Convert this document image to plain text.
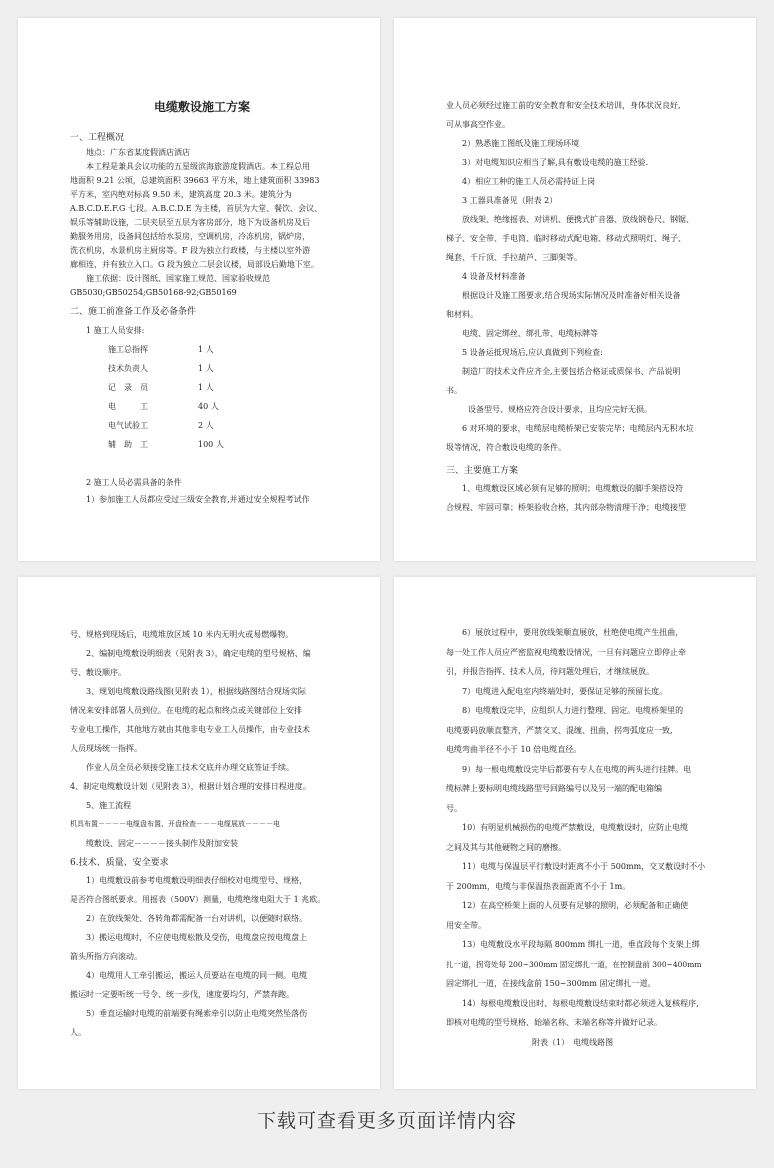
电缆敷设施工方案
一、工程概况
地点：广东省某度假酒店酒店
本工程是兼具会议功能的五星级滨海旅游度假酒店。本工程总用
地面积 9.21 公顷，总建筑面积 39663 平方米，地上建筑面积 33983
平方米，室内绝对标高 9.50 米，建筑高度 20.3 米。建筑分为
A.B.C.D.E.F.G 七段。A.B.C.D.E 为主楼，首层为大堂、餐饮、会议、
娱乐等辅助设施，二层夹层至五层为客房部分，地下为设备机房及后
勤服务用房，设备间包括给水泵房，空调机房，冷冻机房，锅炉房，
洗衣机房，水景机房主厨房等。F 段为独立行政楼，与主楼以室外游
廊相连，并有独立入口。G 段为独立二层会议楼，局部设后勤地下室。
施工依据：设计图纸、国家施工规范、国家验收规范
GB5030;GB50254;GB50168-92;GB50169
二、施工前准备工作及必备条件
1 施工人员安排:
施工总指挥	1 人
技术负责人	1 人
记　录　员	1 人
电　　　工	40 人
电气试验工	2 人
辅　助　工	100 人
2 施工人员必需具备的条件
1）参加施工人员都应受过三级安全教育,并通过安全规程考试作
业人员必须经过施工前的安全教育和安全技术培训，身体状况良好,
可从事高空作业。
2）熟悉施工图纸及施工现场环境
3）对电缆知识应相当了解,具有敷设电缆的施工经验.
4）相应工种的施工人员必需持证上岗
3 工器具准备见（附表 2）
放线架、绝缘摇表、对讲机、便携式扩音器、放线钢卷尺、钢锯、
梯子、安全带、手电筒、临时移动式配电箱、移动式照明灯、绳子、
绳套、千斤顶、手拉葫芦、三脚架等。
4 设备及材料准备
根据设计及施工图要求,结合现场实际情况及时准备好相关设备
和材料。
电缆、固定绑丝、绑扎带、电缆标牌等
5 设备运抵现场后,应认真做到下列检查:
制造厂的技术文件应齐全,主要包括合格证或质保书、产品说明
书。
设备型号、规格应符合设计要求，且均应完好无损。
6 对环境的要求，电缆层电缆桥架已安装完毕；电缆层内无积水垃
圾等情况，符合敷设电缆的条件。
三、主要施工方案
1、电缆敷设区域必须有足够的照明；电缆敷设的脚手架搭设符
合规程、牢固可靠；桥架验收合格，其内部杂物清理干净；电缆接型
号、规格到现场后，电缆堆放区域 10 米内无明火或易燃爆物。
2、编制电缆敷设明细表（见附表 3），确定电缆的型号规格、编
号、敷设顺序。
3、规划电缆敷设路线图(见附表 1），根据线路图结合现场实际
情况来安排部署人员到位。在电缆的起点和终点或关键部位上安排
专业电工操作，其他地方就由其他非电专业工人员操作，由专业技术
人员现场统一指挥。
作业人员全员必须接受施工技术交底并办理交底签证手续。
4、制定电缆敷设计划（见附表 3），根据计划合理的安排日程进度。
5、施工流程
机具布置－－－－电缆盘布置、开盘检查－－－电缆展放－－－－电
缆敷设、固定－－－－接头制作及附加安装
6.技术、质量、安全要求
1）电缆敷设前参考电缆敷设明细表仔细校对电缆型号、规格，
是否符合图纸要求。用摇表（500V）测量，电缆绝缘电阻大于 1 兆欧。
2）在放线架处、各转角都需配备一台对讲机，以便随时联络。
3）搬运电缆时，不应使电缆松散及受伤，电缆盘应按电缆盘上
箭头所指方向滚动。
4）电缆用人工牵引搬运，搬运人员要站在电缆的同一侧。电缆
搬运时一定要听统一号令、统一步伐，速度要均匀，严禁奔跑。
5）垂直运输时电缆的前端要有绳索牵引以防止电缆突然坠落伤
人。
6）展放过程中，要用放线架顺直展放，杜绝使电缆产生扭曲，
每一处工作人员应严密监视电缆敷设情况，一旦有问题应立即停止牵
引，并报告指挥、技术人员，待问题处理后，才继续展放。
7）电缆进入配电室内终端处时，要保证足够的预留长度。
8）电缆敷设完毕，应组织人力进行整理、固定。电缆桥架里的
电缆要码放顺直整齐，严禁交叉、混缠、扭曲，拐弯弧度应一致,
电缆弯曲半径不小于 10 倍电缆直径。
9）每一根电缆敷设完毕后都要有专人在电缆的两头进行挂牌。电
缆标牌上要标明电缆线路型号回路编号以及另一端的配电箱编
号。
10）有明显机械损伤的电缆严禁敷设，电缆敷设时，应防止电缆
之间及其与其他硬物之间的磨擦。
11）电缆与保温层平行敷设时距离不小于 500mm，交叉敷设时不小
于 200mm，电缆与非保温热表面距离不小于 1m。
12）在高空桥架上面的人员要有足够的照明，必须配备和正确使
用安全带。
13）电缆敷设水平段每隔 800mm 绑扎一道，垂直段每个支架上绑
扎一道，拐弯处每 200~300mm 固定绑扎一道，在控制盘前 300~400mm
固定绑扎一道，在接线盒前 150~300mm 固定绑扎一道。
14）每根电缆敷设出时、每根电缆敷设结束时都必须进入复核程序,
即核对电缆的型号规格、始端名称、末端名称等并做好记录。
附表（1）　电缆线路图
下载可查看更多页面详情内容
